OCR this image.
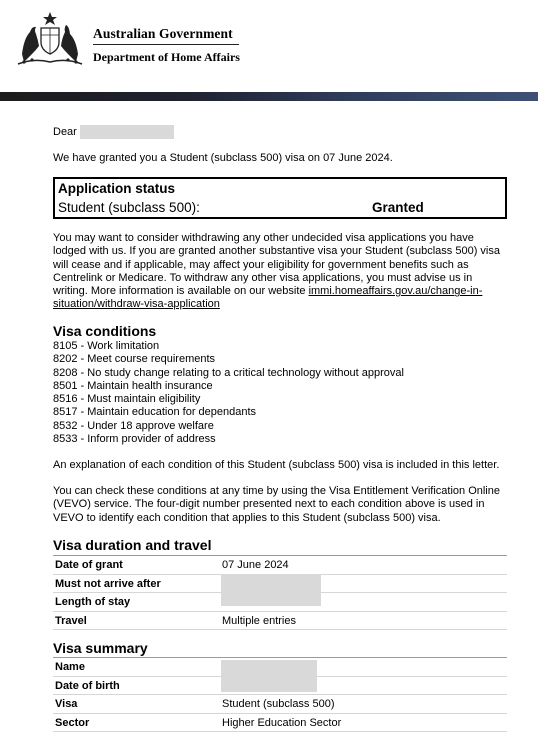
Australian Government
Department of Home Affairs
Dear
We have granted you a Student (subclass 500) visa on 07 June 2024.
Application status
Student (subclass 500):	Granted
You may want to consider withdrawing any other undecided visa applications you have lodged with us. If you are granted another substantive visa your Student (subclass 500) visa will cease and if applicable, may affect your eligibility for government benefits such as Centrelink or Medicare. To withdraw any other visa applications, you must advise us in writing. More information is available on our website immi.homeaffairs.gov.au/change-in-situation/withdraw-visa-application
Visa conditions
8105 - Work limitation
8202 - Meet course requirements
8208 - No study change relating to a critical technology without approval
8501 - Maintain health insurance
8516 - Must maintain eligibility
8517 - Maintain education for dependants
8532 - Under 18 approve welfare
8533 - Inform provider of address
An explanation of each condition of this Student (subclass 500) visa is included in this letter.
You can check these conditions at any time by using the Visa Entitlement Verification Online (VEVO) service. The four-digit number presented next to each condition above is used in VEVO to identify each condition that applies to this Student (subclass 500) visa.
Visa duration and travel
Date of grant	07 June 2024
Must not arrive after
Length of stay
Travel	Multiple entries
Visa summary
Name
Date of birth
Visa	Student (subclass 500)
Sector	Higher Education Sector
